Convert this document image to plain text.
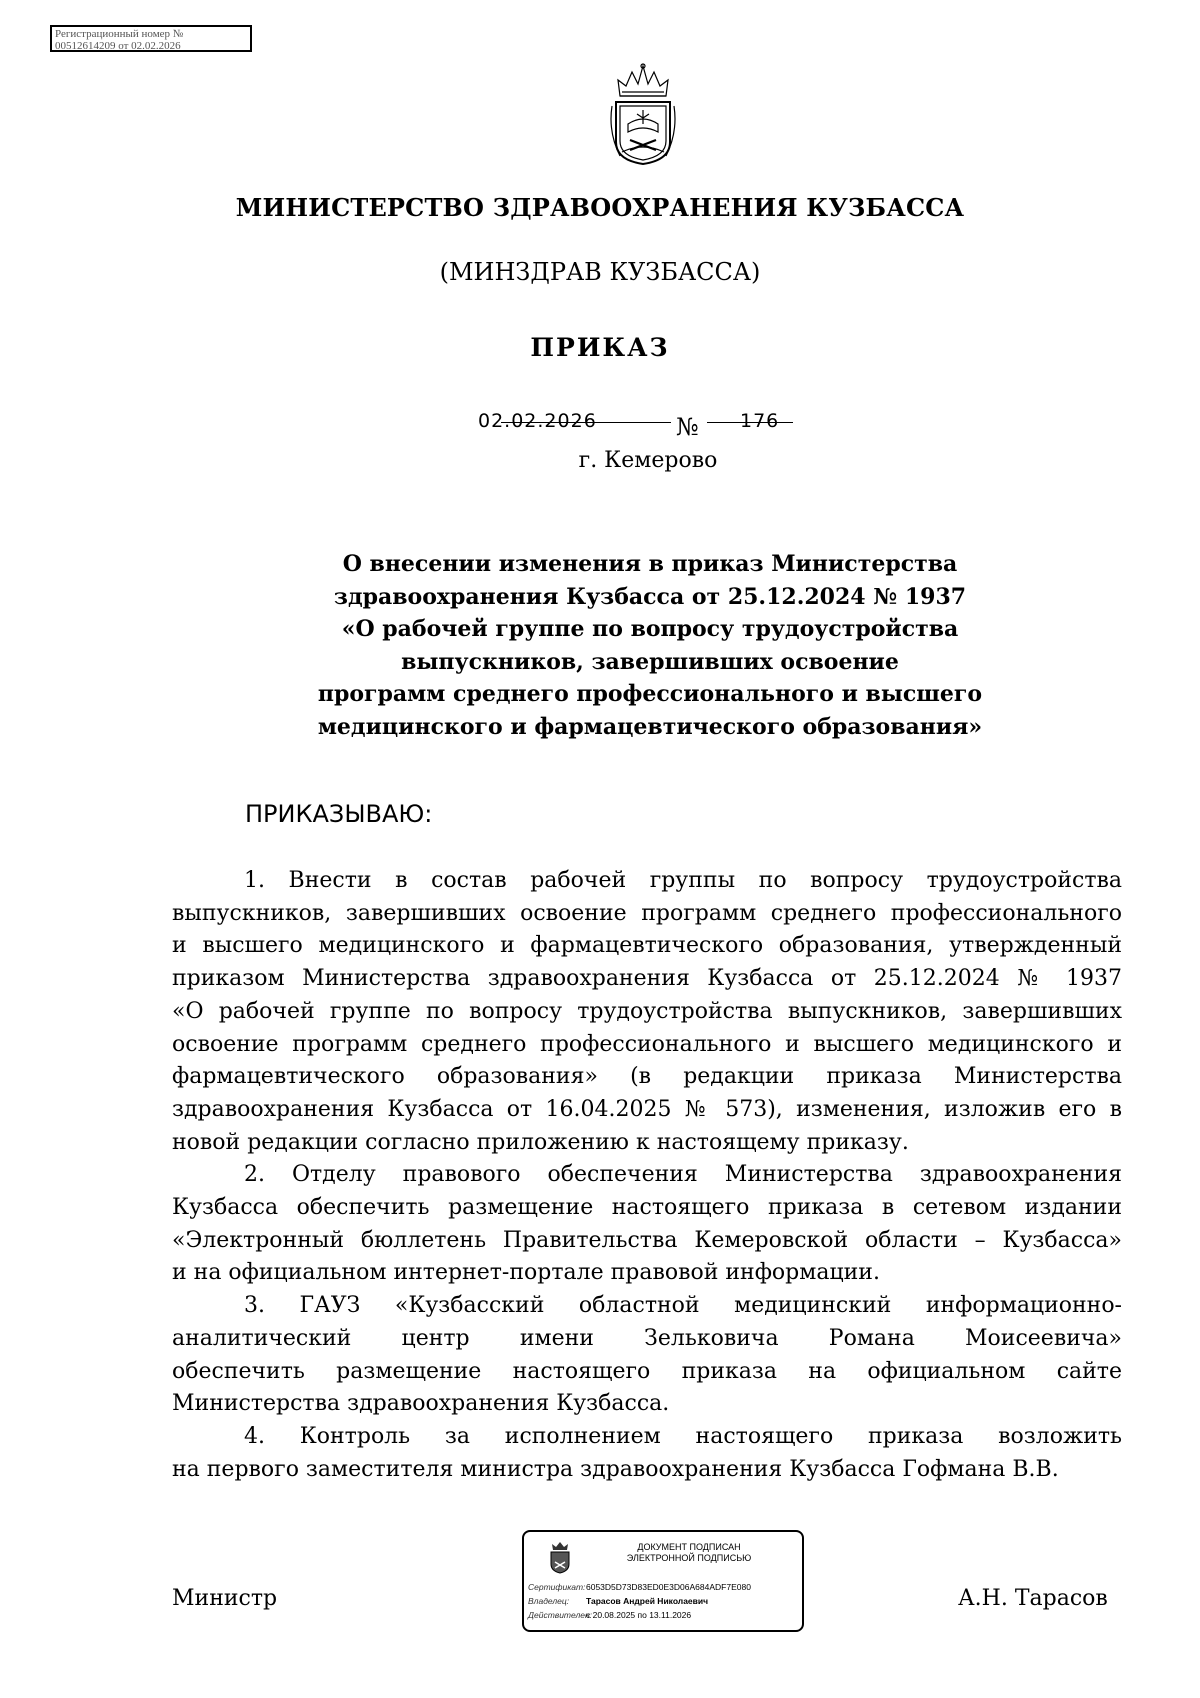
Регистрационный номер №
00512614209 от 02.02.2026
МИНИСТЕРСТВО ЗДРАВООХРАНЕНИЯ КУЗБАССА
(МИНЗДРАВ КУЗБАССА)
ПРИКАЗ
02.02.2026	№ 176
г. Кемерово
О внесении изменения в приказ Министерства
здравоохранения Кузбасса от 25.12.2024 № 1937
«О рабочей группе по вопросу трудоустройства
выпускников, завершивших освоение
программ среднего профессионального и высшего
медицинского и фармацевтического образования»
ПРИКАЗЫВАЮ:
1. Внести в состав рабочей группы по вопросу трудоустройства
выпускников, завершивших освоение программ среднего профессионального
и высшего медицинского и фармацевтического образования, утвержденный
приказом Министерства здравоохранения Кузбасса от 25.12.2024 № 1937
«О рабочей группе по вопросу трудоустройства выпускников, завершивших
освоение программ среднего профессионального и высшего медицинского и
фармацевтического образования» (в редакции приказа Министерства
здравоохранения Кузбасса от 16.04.2025 № 573), изменения, изложив его в
новой редакции согласно приложению к настоящему приказу.
2. Отделу правового обеспечения Министерства здравоохранения
Кузбасса обеспечить размещение настоящего приказа в сетевом издании
«Электронный бюллетень Правительства Кемеровской области – Кузбасса»
и на официальном интернет-портале правовой информации.
3. ГАУЗ «Кузбасский областной медицинский информационно-
аналитический центр имени Зельковича Романа Моисеевича»
обеспечить размещение настоящего приказа на официальном сайте
Министерства здравоохранения Кузбасса.
4. Контроль за исполнением настоящего приказа возложить
на первого заместителя министра здравоохранения Кузбасса Гофмана В.В.
Министр	А.Н. Тарасов
ДОКУМЕНТ ПОДПИСАН
ЭЛЕКТРОННОЙ ПОДПИСЬЮ
Сертификат:6053D5D73D83ED0E3D06A684ADF7E080
Владелец: Тарасов Андрей Николаевич
Действителен:с 20.08.2025 по 13.11.2026
